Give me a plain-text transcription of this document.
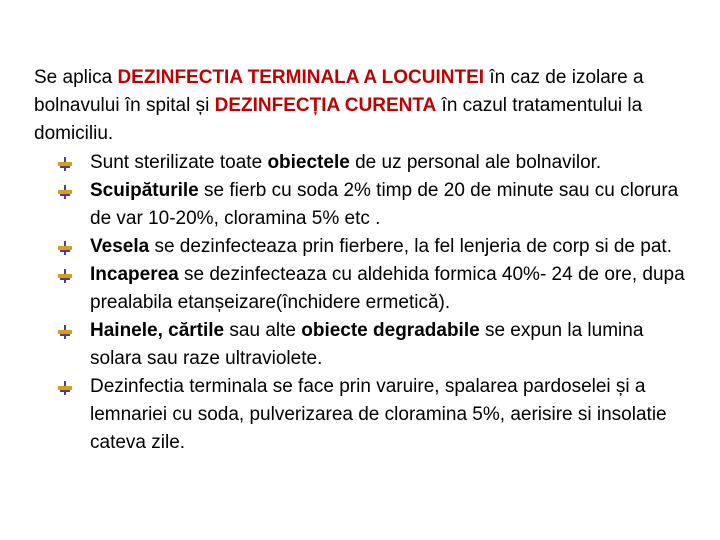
Se aplica DEZINFECTIA TERMINALA A LOCUINTEI în caz de izolare a bolnavului în spital și DEZINFECȚIA CURENTA în cazul tratamentului la domiciliu.

Sunt sterilizate toate obiectele de uz personal ale bolnavilor.
Scuipăturile se fierb cu soda 2% timp de 20 de minute sau cu clorura de var 10-20%, cloramina 5% etc .
Vesela se dezinfecteaza prin fierbere, la fel lenjeria de corp si de pat.
Incaperea se dezinfecteaza cu aldehida formica 40%- 24 de ore, dupa prealabila etanșeizare(închidere ermetică).
Hainele, cărtile sau alte obiecte degradabile se expun la lumina solara sau raze ultraviolete.
Dezinfectia terminala se face prin varuire, spalarea pardoselei și a lemnariei cu soda, pulverizarea de cloramina 5%, aerisire si insolatie cateva zile.
